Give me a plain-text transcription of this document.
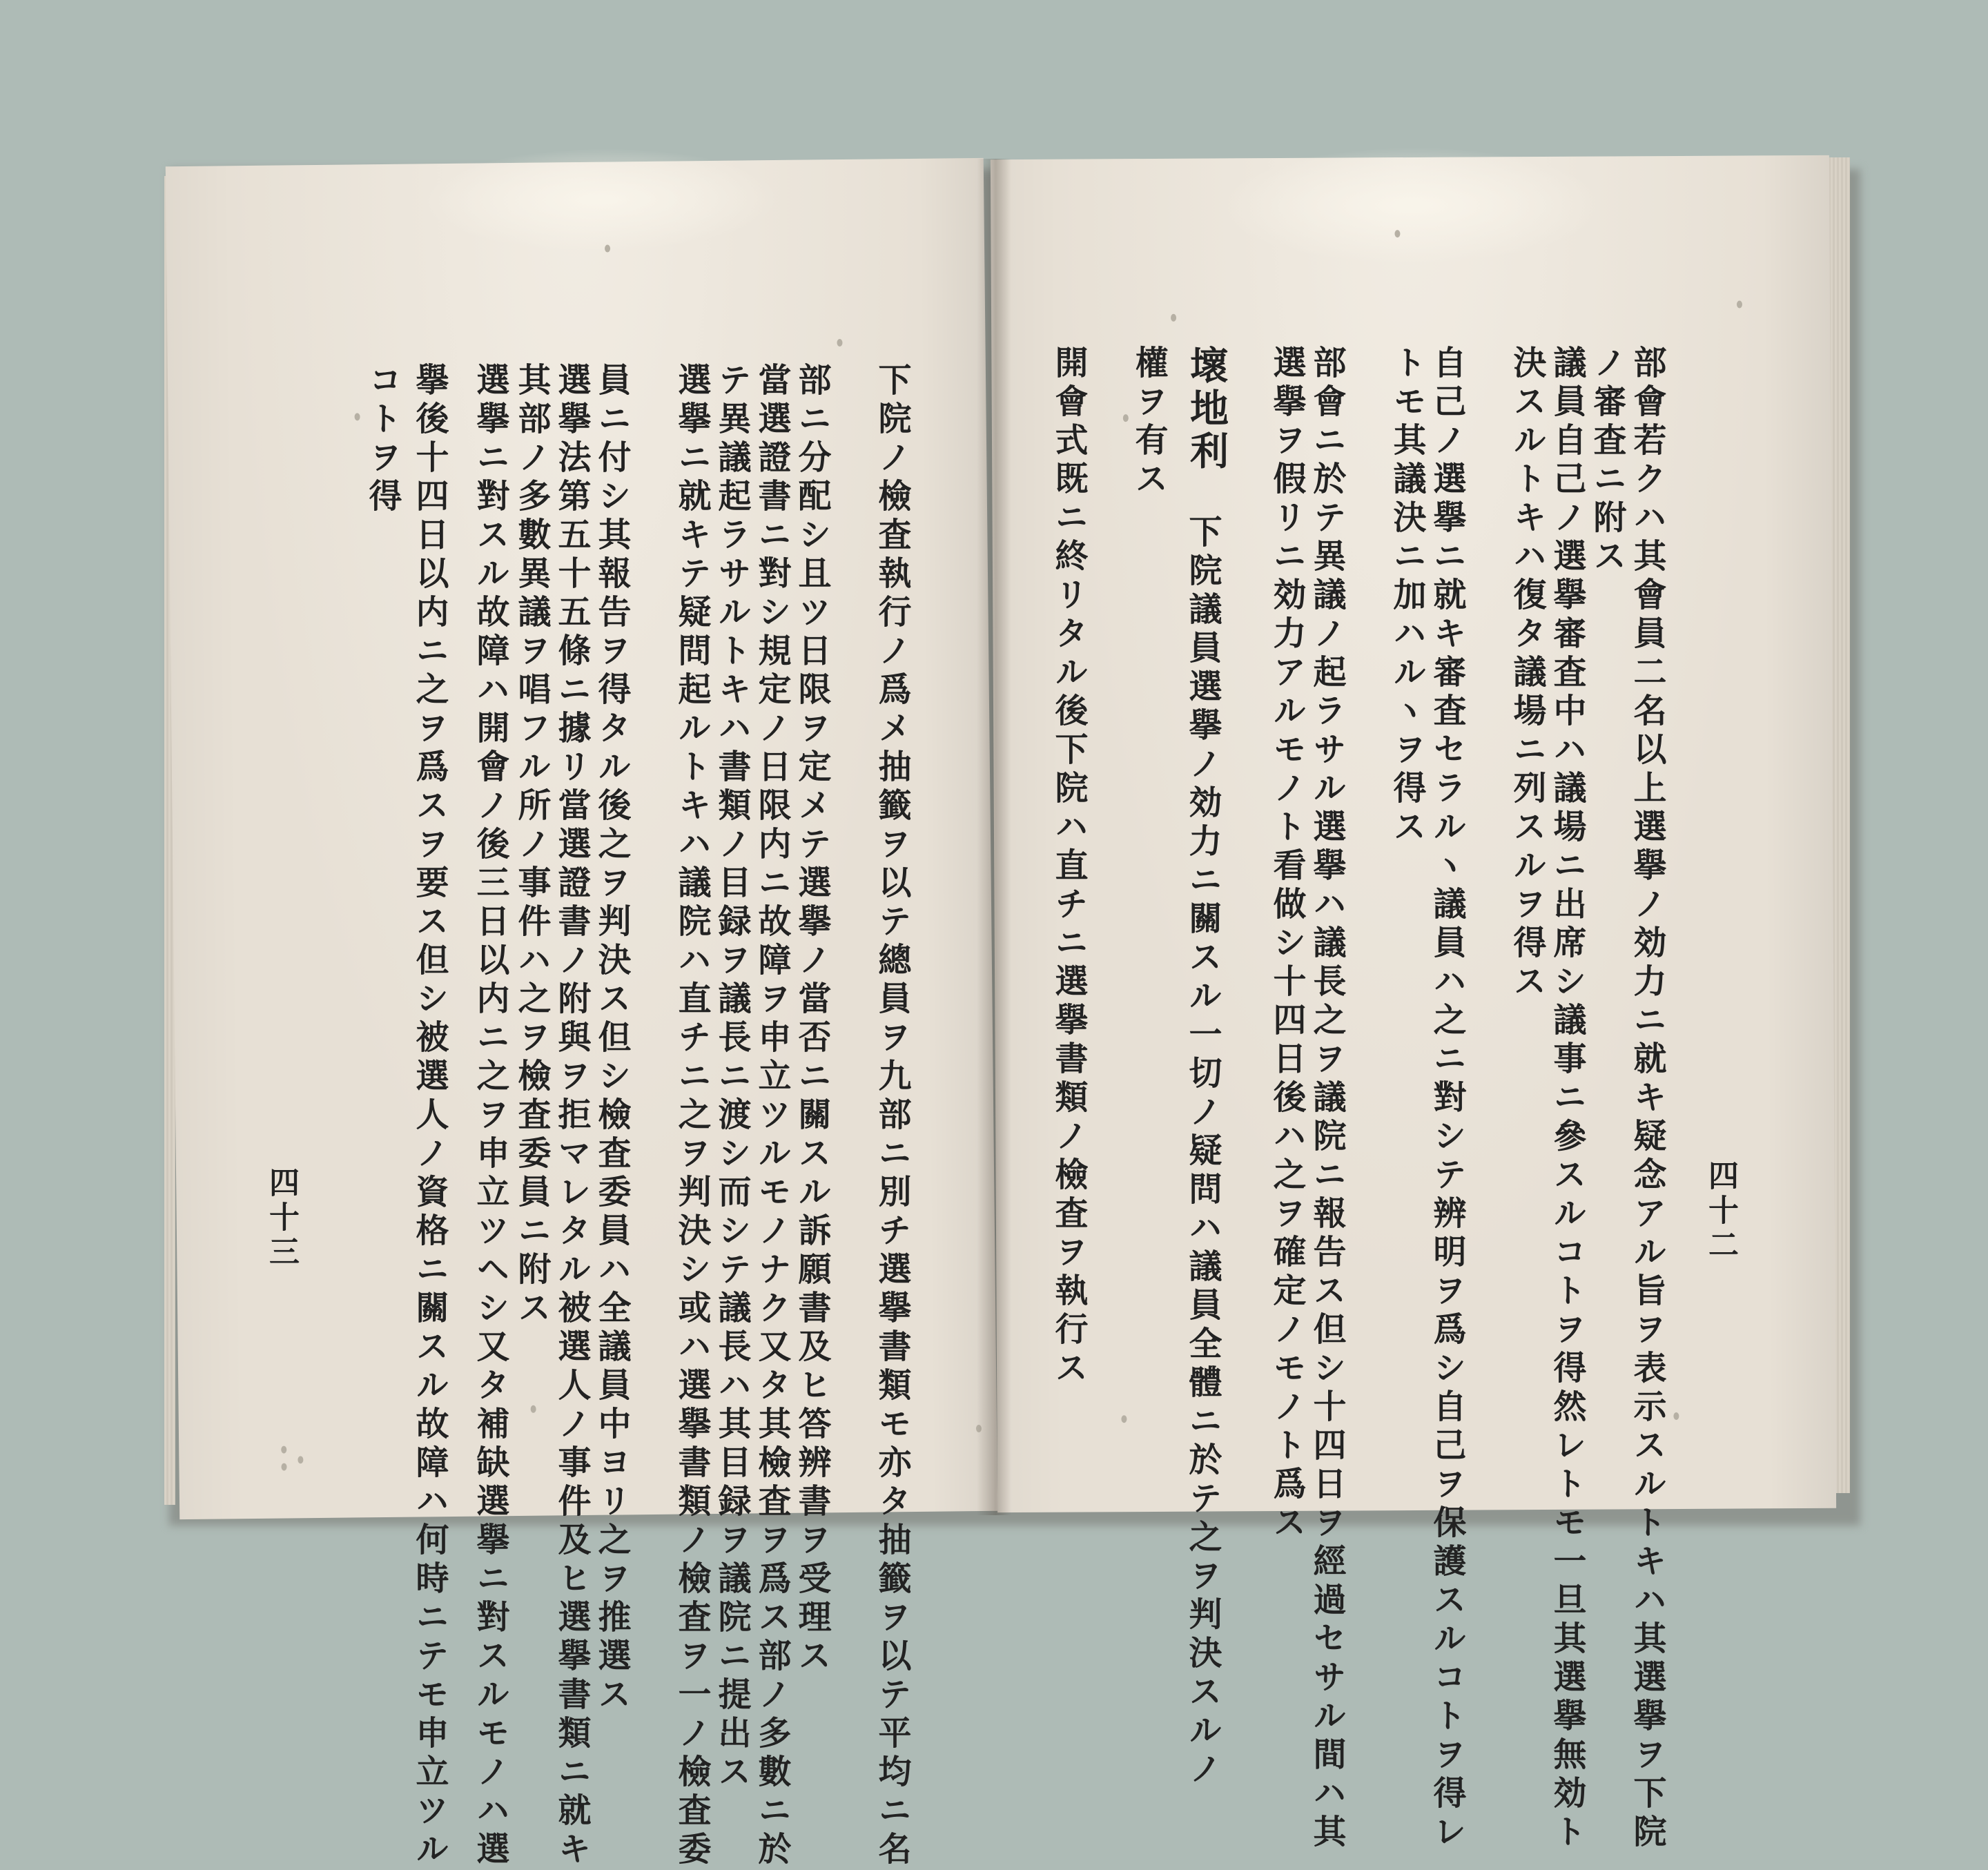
部會若クハ其會員二名以上選擧ノ効力ニ就キ疑念アル旨ヲ表示スルトキハ其選擧ヲ下院
ノ審査ニ附ス
議員自己ノ選擧審査中ハ議場ニ出席シ議事ニ參スルコトヲ得然レトモ一旦其選擧無効ト
決スルトキハ復タ議場ニ列スルヲ得ス
自己ノ選擧ニ就キ審査セラルヽ議員ハ之ニ對シテ辨明ヲ爲シ自己ヲ保護スルコトヲ得レ
トモ其議決ニ加ハルヽヲ得ス
部會ニ於テ異議ノ起ラサル選擧ハ議長之ヲ議院ニ報告ス但シ十四日ヲ經過セサル間ハ其
選擧ヲ假リニ効力アルモノト看做シ十四日後ハ之ヲ確定ノモノト爲ス
壞地利
下院議員選擧ノ効力ニ關スル一切ノ疑問ハ議員全體ニ於テ之ヲ判決スルノ
權ヲ有ス
開會式既ニ終リタル後下院ハ直チニ選擧書類ノ檢査ヲ執行ス	四十二
下院ノ檢査執行ノ爲メ抽籤ヲ以テ總員ヲ九部ニ別チ選擧書類モ亦タ抽籤ヲ以テ平均ニ名
部ニ分配シ且ツ日限ヲ定メテ選擧ノ當否ニ關スル訴願書及ヒ答辨書ヲ受理ス
當選證書ニ對シ規定ノ日限内ニ故障ヲ申立ツルモノナク又タ其檢査ヲ爲ス部ノ多數ニ於
テ異議起ラサルトキハ書類ノ目録ヲ議長ニ渡シ而シテ議長ハ其目録ヲ議院ニ提出ス
選擧ニ就キテ疑問起ルトキハ議院ハ直チニ之ヲ判決シ或ハ選擧書類ノ檢査ヲ一ノ檢査委
員ニ付シ其報告ヲ得タル後之ヲ判決ス但シ檢査委員ハ全議員中ヨリ之ヲ推選ス
選擧法第五十五條ニ據リ當選證書ノ附與ヲ拒マレタル被選人ノ事件及ヒ選擧書類ニ就キ
其部ノ多數異議ヲ唱フル所ノ事件ハ之ヲ檢査委員ニ附ス
選擧ニ對スル故障ハ開會ノ後三日以内ニ之ヲ申立ツヘシ又タ補缺選擧ニ對スルモノハ選
擧後十四日以内ニ之ヲ爲スヲ要ス但シ被選人ノ資格ニ關スル故障ハ何時ニテモ申立ツル
コトヲ得
四十三
